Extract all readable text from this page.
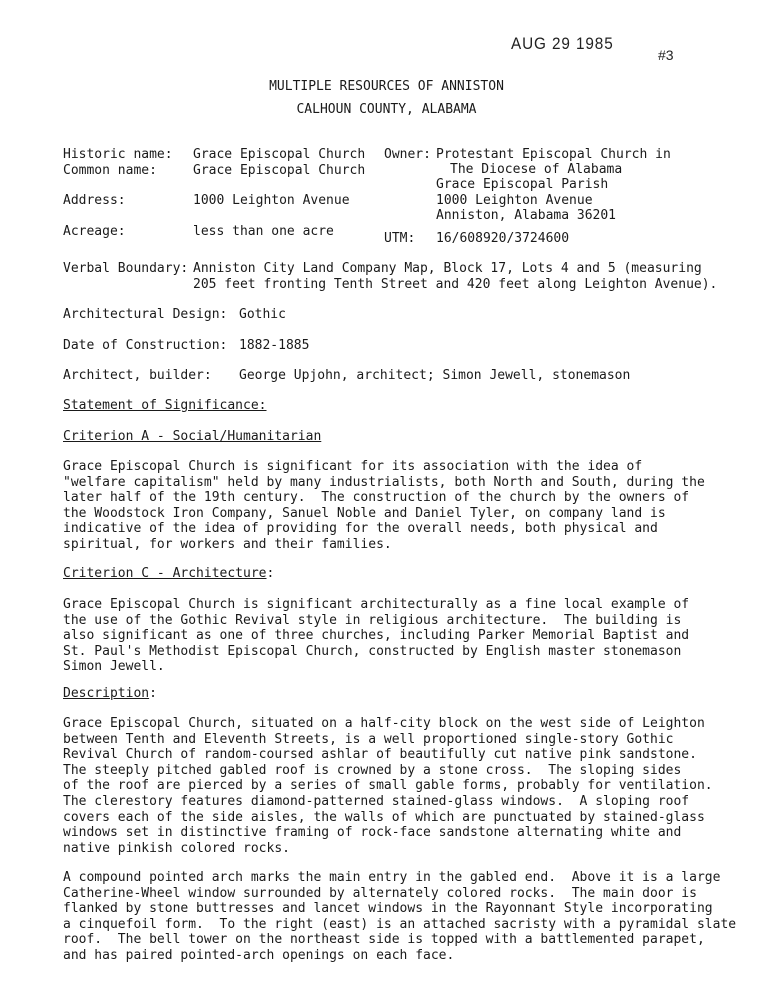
AUG 29 1985
#3
MULTIPLE RESOURCES OF ANNISTON
CALHOUN COUNTY, ALABAMA
Historic name: Grace Episcopal Church
Common name:	Grace Episcopal Church
Address:	1000 Leighton Avenue
Acreage:	less than one acre
Owner: Protestant Episcopal Church in
The Diocese of Alabama
Grace Episcopal Parish
1000 Leighton Avenue
Anniston, Alabama 36201
UTM: 16/608920/3724600
Verbal Boundary: Anniston City Land Company Map, Block 17, Lots 4 and 5 (measuring
205 feet fronting Tenth Street and 420 feet along Leighton Avenue).
Architectural Design: Gothic
Date of Construction: 1882-1885
Architect, builder: George Upjohn, architect; Simon Jewell, stonemason
Statement of Significance:
Criterion A - Social/Humanitarian
Grace Episcopal Church is significant for its association with the idea of
"welfare capitalism" held by many industrialists, both North and South, during the
later half of the 19th century.  The construction of the church by the owners of
the Woodstock Iron Company, Sanuel Noble and Daniel Tyler, on company land is
indicative of the idea of providing for the overall needs, both physical and
spiritual, for workers and their families.
Criterion C - Architecture:
Grace Episcopal Church is significant architecturally as a fine local example of
the use of the Gothic Revival style in religious architecture.  The building is
also significant as one of three churches, including Parker Memorial Baptist and
St. Paul's Methodist Episcopal Church, constructed by English master stonemason
Simon Jewell.
Description:
Grace Episcopal Church, situated on a half-city block on the west side of Leighton
between Tenth and Eleventh Streets, is a well proportioned single-story Gothic
Revival Church of random-coursed ashlar of beautifully cut native pink sandstone.
The steeply pitched gabled roof is crowned by a stone cross.  The sloping sides
of the roof are pierced by a series of small gable forms, probably for ventilation.
The clerestory features diamond-patterned stained-glass windows.  A sloping roof
covers each of the side aisles, the walls of which are punctuated by stained-glass
windows set in distinctive framing of rock-face sandstone alternating white and
native pinkish colored rocks.
A compound pointed arch marks the main entry in the gabled end.  Above it is a large
Catherine-Wheel window surrounded by alternately colored rocks.  The main door is
flanked by stone buttresses and lancet windows in the Rayonnant Style incorporating
a cinquefoil form.  To the right (east) is an attached sacristy with a pyramidal slate
roof.  The bell tower on the northeast side is topped with a battlemented parapet,
and has paired pointed-arch openings on each face.
